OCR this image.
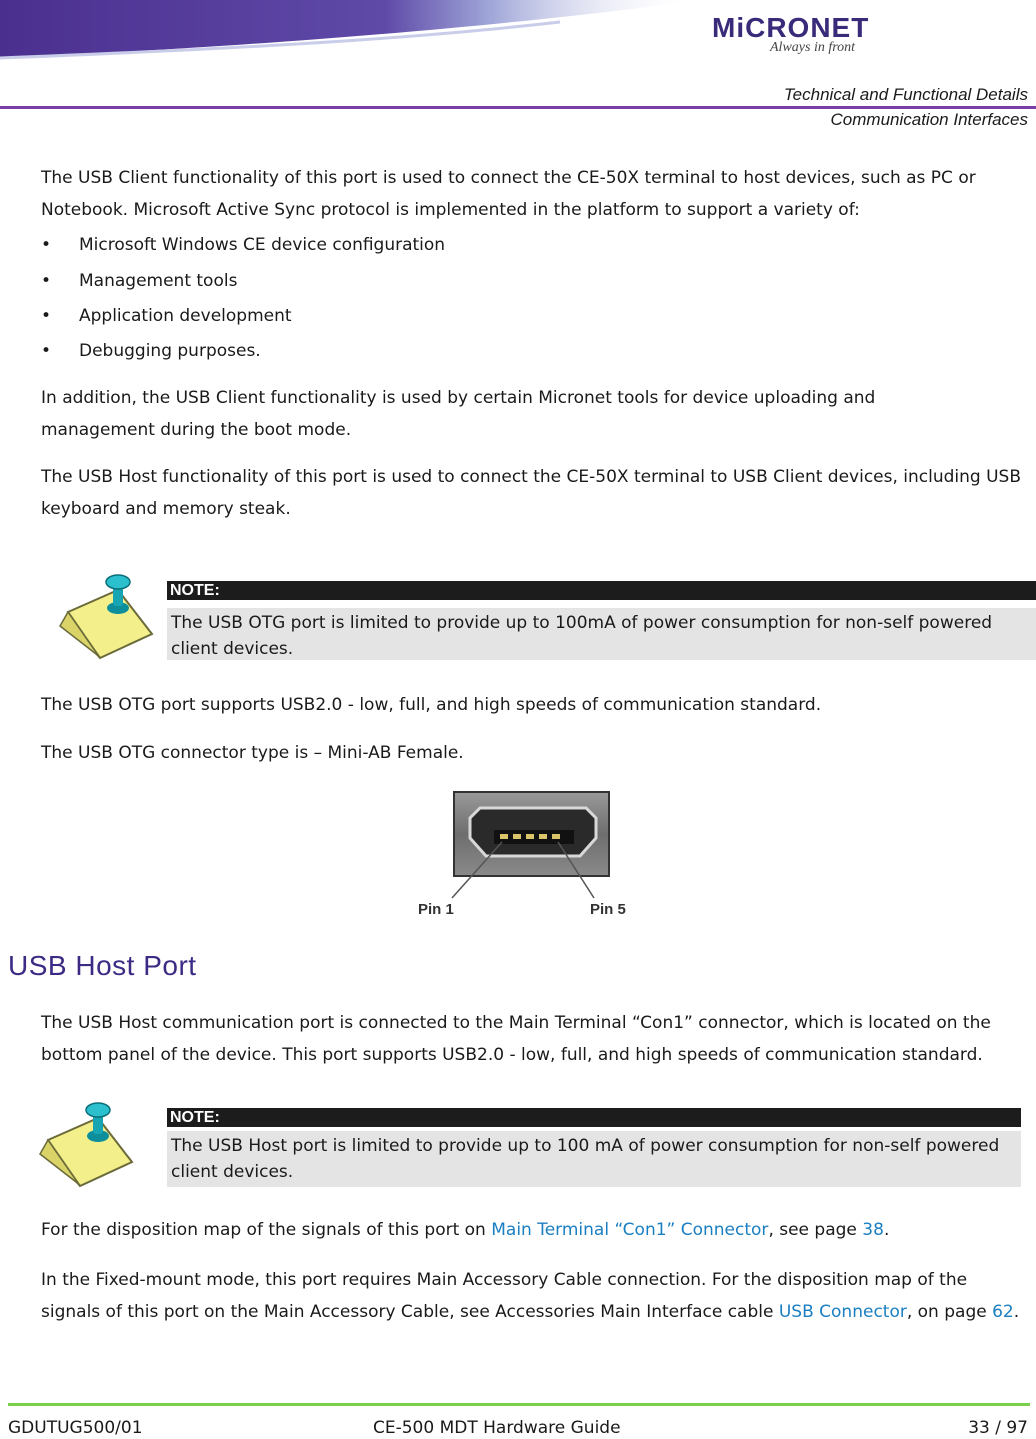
MiCRONET
Always in front
Technical and Functional Details
Communication Interfaces

The USB Client functionality of this port is used to connect the CE-50X terminal to host devices, such as PC or Notebook. Microsoft Active Sync protocol is implemented in the platform to support a variety of:

• Microsoft Windows CE device configuration
• Management tools
• Application development
• Debugging purposes.

In addition, the USB Client functionality is used by certain Micronet tools for device uploading and management during the boot mode.

The USB Host functionality of this port is used to connect the CE-50X terminal to USB Client devices, including USB keyboard and memory steak.

NOTE:
The USB OTG port is limited to provide up to 100mA of power consumption for non-self powered client devices.

The USB OTG port supports USB2.0 - low, full, and high speeds of communication standard.

The USB OTG connector type is – Mini-AB Female.

Pin 1	Pin 5
USB Host Port

The USB Host communication port is connected to the Main Terminal “Con1” connector, which is located on the bottom panel of the device. This port supports USB2.0 - low, full, and high speeds of communication standard.

NOTE:
The USB Host port is limited to provide up to 100 mA of power consumption for non-self powered client devices.

For the disposition map of the signals of this port on Main Terminal “Con1” Connector, see page 38.

In the Fixed-mount mode, this port requires Main Accessory Cable connection. For the disposition map of the signals of this port on the Main Accessory Cable, see Accessories Main Interface cable USB Connector, on page 62.

GDUTUG500/01	CE-500 MDT Hardware Guide	33 / 97
